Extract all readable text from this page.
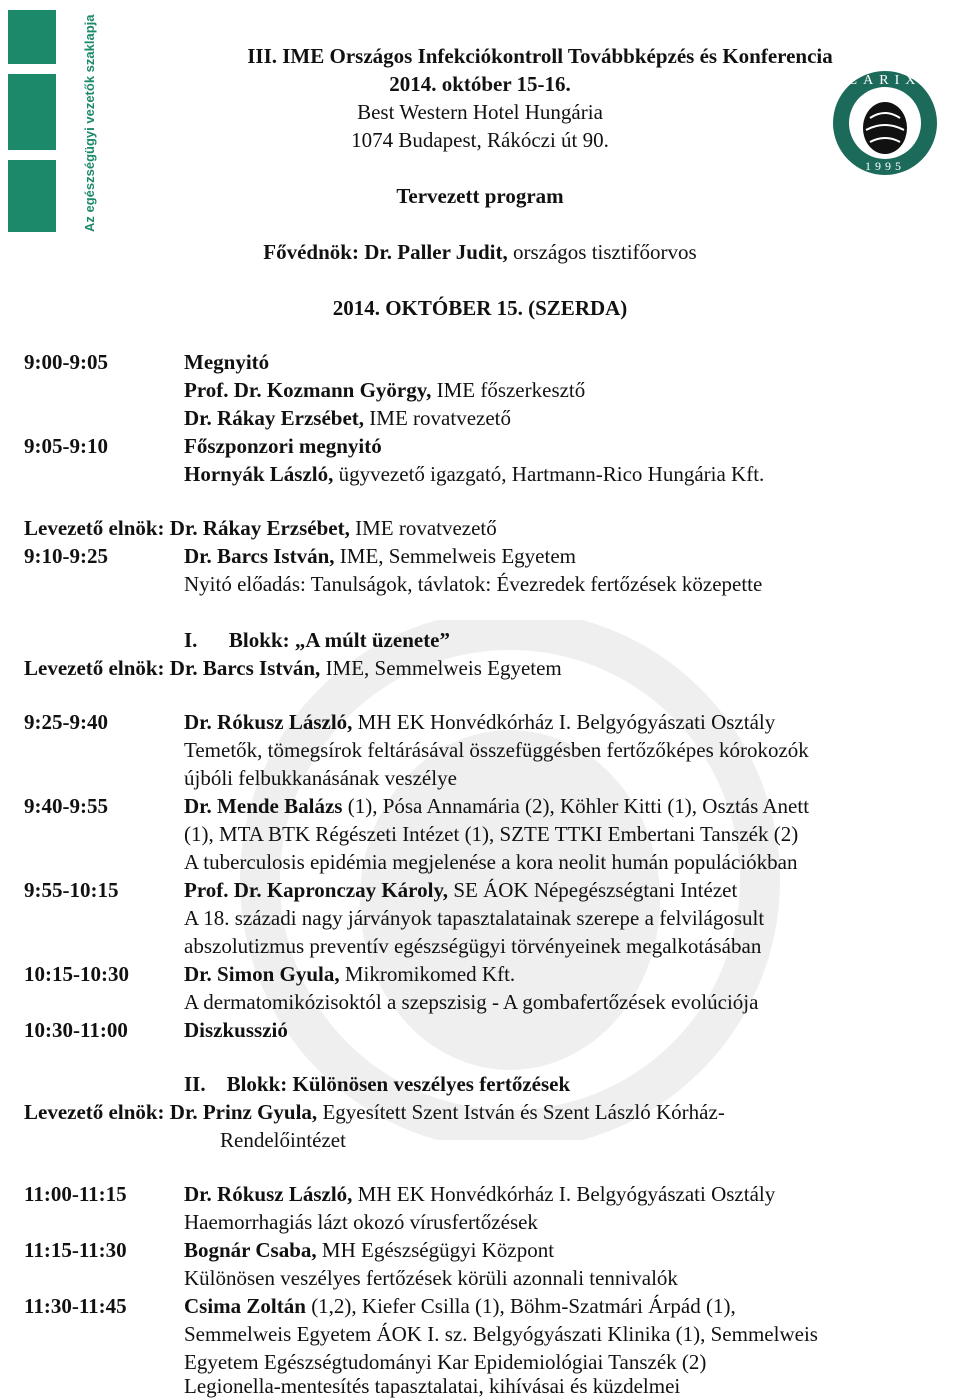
Az egészségügyi vezetők szaklapja	LARIX
1995
III. IME Országos Infekciókontroll Továbbképzés és Konferencia
2014. október 15-16.
Best Western Hotel Hungária
1074 Budapest, Rákóczi út 90.
Tervezett program
Fővédnök: Dr. Paller Judit, országos tisztifőorvos
2014. OKTÓBER 15. (SZERDA)
9:00-9:05	Megnyitó
Prof. Dr. Kozmann György, IME főszerkesztő
Dr. Rákay Erzsébet, IME rovatvezető
9:05-9:10	Főszponzori megnyitó
Hornyák László, ügyvezető igazgató, Hartmann-Rico Hungária Kft.
Levezető elnök: Dr. Rákay Erzsébet, IME rovatvezető
9:10-9:25	Dr. Barcs István, IME, Semmelweis Egyetem
Nyitó előadás: Tanulságok, távlatok: Évezredek fertőzések közepette
I.      Blokk: „A múlt üzenete”
Levezető elnök: Dr. Barcs István, IME, Semmelweis Egyetem
9:25-9:40	Dr. Rókusz László, MH EK Honvédkórház I. Belgyógyászati Osztály
Temetők, tömegsírok feltárásával összefüggésben fertőzőképes kórokozók
újbóli felbukkanásának veszélye
9:40-9:55	Dr. Mende Balázs (1), Pósa Annamária (2), Köhler Kitti (1), Osztás Anett
(1), MTA BTK Régészeti Intézet (1), SZTE TTKI Embertani Tanszék (2)
A tuberculosis epidémia megjelenése a kora neolit humán populációkban
9:55-10:15	Prof. Dr. Kapronczay Károly, SE ÁOK Népegészségtani Intézet
A 18. századi nagy járványok tapasztalatainak szerepe a felvilágosult
abszolutizmus preventív egészségügyi törvényeinek megalkotásában
10:15-10:30	Dr. Simon Gyula, Mikromikomed Kft.
A dermatomikózisoktól a szepszisig - A gombafertőzések evolúciója
10:30-11:00	Diszkusszió
II.    Blokk: Különösen veszélyes fertőzések
Levezető elnök: Dr. Prinz Gyula, Egyesített Szent István és Szent László Kórház-
Rendelőintézet
11:00-11:15	Dr. Rókusz László, MH EK Honvédkórház I. Belgyógyászati Osztály
Haemorrhagiás lázt okozó vírusfertőzések
11:15-11:30	Bognár Csaba, MH Egészségügyi Központ
Különösen veszélyes fertőzések körüli azonnali tennivalók
11:30-11:45	Csima Zoltán (1,2), Kiefer Csilla (1), Böhm-Szatmári Árpád (1),
Semmelweis Egyetem ÁOK I. sz. Belgyógyászati Klinika (1), Semmelweis
Egyetem Egészségtudományi Kar Epidemiológiai Tanszék (2)
Legionella-mentesítés tapasztalatai, kihívásai és küzdelmei
